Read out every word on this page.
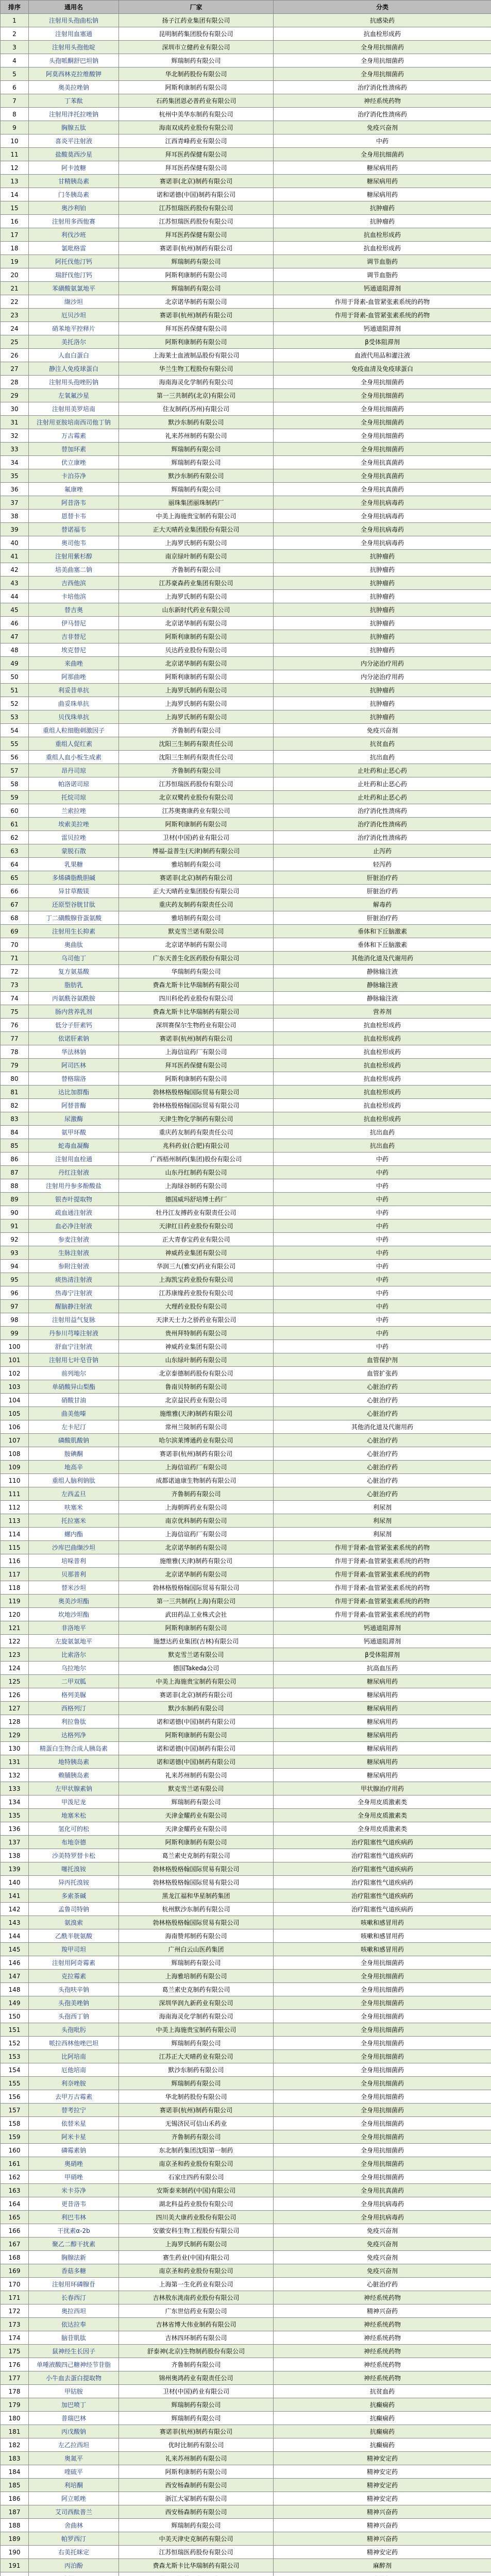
排序	通用名	厂家	分类
1	注射用头孢曲松钠	扬子江药业集团有限公司	抗感染药
2	注射用血塞通	昆明制药集团股份有限公司	抗血栓形成药
3	注射用头孢他啶	深圳市立健药业有限公司	全身用抗细菌药
4	头孢哌酮舒巴坦钠	辉瑞制药有限公司	全身用抗细菌药
5	阿莫西林克拉维酸钾	华北制药股份有限公司	全身用抗细菌药
6	奥美拉唑钠	阿斯利康制药有限公司	治疗消化性溃疡药
7	丁苯酞	石药集团恩必普药业有限公司	神经系统药物
8	注射用泮托拉唑钠	杭州中美华东制药有限公司	治疗消化性溃疡药
9	胸腺五肽	海南双成药业股份有限公司	免疫兴奋剂
10	喜炎平注射液	江西青峰药业有限公司	中药
11	盐酸莫西沙星	拜耳医药保健有限公司	全身用抗细菌药
12	阿卡波糖	拜耳医药保健有限公司	糖尿病用药
13	甘精胰岛素	赛诺菲(北京)制药有限公司	糖尿病用药
14	门冬胰岛素	诺和诺德(中国)制药有限公司	糖尿病用药
15	奥沙利铂	江苏恒瑞医药股份有限公司	抗肿瘤药
16	注射用多西他赛	江苏恒瑞医药股份有限公司	抗肿瘤药
17	利伐沙班	拜耳医药保健有限公司	抗血栓形成药
18	氯吡格雷	赛诺菲(杭州)制药有限公司	抗血栓形成药
19	阿托伐他汀钙	辉瑞制药有限公司	调节血脂药
20	瑞舒伐他汀钙	阿斯利康制药有限公司	调节血脂药
21	苯磺酸氨氯地平	辉瑞制药有限公司	钙通道阻滞剂
22	缬沙坦	北京诺华制药有限公司	作用于肾素-血管紧张素系统的药物
23	厄贝沙坦	赛诺菲(杭州)制药有限公司	作用于肾素-血管紧张素系统的药物
24	硝苯地平控释片	拜耳医药保健有限公司	钙通道阻滞剂
25	美托洛尔	阿斯利康制药有限公司	β受体阻滞剂
26	人血白蛋白	上海莱士血液制品股份有限公司	血液代用品和灌注液
27	静注人免疫球蛋白	华兰生物工程股份有限公司	免疫血清及免疫球蛋白
28	注射用头孢唑肟钠	海南海灵化学制药有限公司	全身用抗细菌药
29	左氧氟沙星	第一三共制药(北京)有限公司	全身用抗细菌药
30	注射用美罗培南	住友制药(苏州)有限公司	全身用抗细菌药
31	注射用亚胺培南西司他丁钠	默沙东制药有限公司	全身用抗细菌药
32	万古霉素	礼来苏州制药有限公司	全身用抗细菌药
33	替加环素	辉瑞制药有限公司	全身用抗细菌药
34	伏立康唑	辉瑞制药有限公司	全身用抗真菌药
35	卡泊芬净	默沙东制药有限公司	全身用抗真菌药
36	氟康唑	辉瑞制药有限公司	全身用抗真菌药
37	阿昔洛韦	丽珠集团丽珠制药厂	全身用抗病毒药
38	恩替卡韦	中美上海施贵宝制药有限公司	全身用抗病毒药
39	替诺福韦	正大天晴药业集团股份有限公司	全身用抗病毒药
40	奥司他韦	上海罗氏制药有限公司	全身用抗病毒药
41	注射用紫杉醇	南京绿叶制药有限公司	抗肿瘤药
42	培美曲塞二钠	齐鲁制药有限公司	抗肿瘤药
43	吉西他滨	江苏豪森药业集团有限公司	抗肿瘤药
44	卡培他滨	上海罗氏制药有限公司	抗肿瘤药
45	替吉奥	山东新时代药业有限公司	抗肿瘤药
46	伊马替尼	北京诺华制药有限公司	抗肿瘤药
47	吉非替尼	阿斯利康制药有限公司	抗肿瘤药
48	埃克替尼	贝达药业股份有限公司	抗肿瘤药
49	来曲唑	北京诺华制药有限公司	内分泌治疗用药
50	阿那曲唑	阿斯利康制药有限公司	内分泌治疗用药
51	利妥昔单抗	上海罗氏制药有限公司	抗肿瘤药
52	曲妥珠单抗	上海罗氏制药有限公司	抗肿瘤药
53	贝伐珠单抗	上海罗氏制药有限公司	抗肿瘤药
54	重组人粒细胞刺激因子	齐鲁制药有限公司	免疫兴奋剂
55	重组人促红素	沈阳三生制药有限责任公司	抗贫血药
56	重组人血小板生成素	沈阳三生制药有限责任公司	抗出血药
57	昂丹司琼	齐鲁制药有限公司	止吐药和止恶心药
58	帕洛诺司琼	江苏恒瑞医药股份有限公司	止吐药和止恶心药
59	托烷司琼	北京双鹭药业股份有限公司	止吐药和止恶心药
60	兰索拉唑	江苏奥赛康药业有限公司	治疗消化性溃疡药
61	埃索美拉唑	阿斯利康制药有限公司	治疗消化性溃疡药
62	雷贝拉唑	卫材(中国)药业有限公司	治疗消化性溃疡药
63	蒙脱石散	博福-益普生(天津)制药有限公司	止泻药
64	乳果糖	雅培制药有限公司	轻泻药
65	多烯磷脂酰胆碱	赛诺菲(北京)制药有限公司	肝脏治疗药
66	异甘草酸镁	正大天晴药业集团股份有限公司	肝脏治疗药
67	还原型谷胱甘肽	重庆药友制药有限责任公司	解毒药
68	丁二磺酸腺苷蛋氨酸	雅培制药有限公司	肝脏治疗药
69	注射用生长抑素	默克雪兰诺有限公司	垂体和下丘脑激素
70	奥曲肽	北京诺华制药有限公司	垂体和下丘脑激素
71	乌司他丁	广东天普生化医药股份有限公司	其他消化道及代谢用药
72	复方氨基酸	华瑞制药有限公司	静脉输注液
73	脂肪乳	费森尤斯卡比华瑞制药有限公司	静脉输注液
74	丙氨酰谷氨酰胺	四川科伦药业股份有限公司	静脉输注液
75	肠内营养乳剂	费森尤斯卡比华瑞制药有限公司	营养剂
76	低分子肝素钙	深圳赛保尔生物药业有限公司	抗血栓形成药
77	依诺肝素钠	赛诺菲(杭州)制药有限公司	抗血栓形成药
78	华法林钠	上海信谊药厂有限公司	抗血栓形成药
79	阿司匹林	拜耳医药保健有限公司	抗血栓形成药
80	替格瑞洛	阿斯利康制药有限公司	抗血栓形成药
81	达比加群酯	勃林格殷格翰国际贸易有限公司	抗血栓形成药
82	阿替普酶	勃林格殷格翰国际贸易有限公司	抗血栓形成药
83	尿激酶	天津生物化学制药有限公司	抗血栓形成药
84	氨甲环酸	重庆药友制药有限责任公司	抗出血药
85	蛇毒血凝酶	兆科药业(合肥)有限公司	抗出血药
86	注射用血栓通	广西梧州制药(集团)股份有限公司	中药
87	丹红注射液	山东丹红制药有限公司	中药
88	注射用丹参多酚酸盐	上海绿谷制药有限公司	中药
89	银杏叶提取物	德国威玛舒培博士药厂	中药
90	疏血通注射液	牡丹江友搏药业有限责任公司	中药
91	血必净注射液	天津红日药业股份有限公司	中药
92	参麦注射液	正大青春宝药业有限公司	中药
93	生脉注射液	神威药业集团有限公司	中药
94	参附注射液	华润三九(雅安)药业有限公司	中药
95	痰热清注射液	上海凯宝药业股份有限公司	中药
96	热毒宁注射液	江苏康缘药业股份有限公司	中药
97	醒脑静注射液	大理药业股份有限公司	中药
98	注射用益气复脉	天津天士力之骄药业有限公司	中药
99	丹参川芎嗪注射液	贵州拜特制药有限公司	中药
100	舒血宁注射液	神威药业集团有限公司	中药
101	注射用七叶皂苷钠	山东绿叶制药有限公司	血管保护剂
102	前列地尔	北京泰德制药股份有限公司	血管扩张药
103	单硝酸异山梨酯	鲁南贝特制药有限公司	心脏治疗药
104	硝酸甘油	北京益民药业有限公司	心脏治疗药
105	曲美他嗪	施维雅(天津)制药有限公司	心脏治疗药
106	左卡尼汀	常州兰陵制药有限公司	其他消化道及代谢用药
107	磷酸肌酸钠	哈尔滨莱博通药业有限公司	心脏治疗药
108	胺碘酮	赛诺菲(杭州)制药有限公司	心脏治疗药
109	地高辛	上海信谊药厂有限公司	心脏治疗药
110	重组人脑利钠肽	成都诺迪康生物制药有限公司	心脏治疗药
111	左西孟旦	齐鲁制药有限公司	心脏治疗药
112	呋塞米	上海朝晖药业有限公司	利尿剂
113	托拉塞米	南京优科制药有限公司	利尿剂
114	螺内酯	上海信谊药厂有限公司	利尿剂
115	沙库巴曲缬沙坦	北京诺华制药有限公司	作用于肾素-血管紧张素系统的药物
116	培哚普利	施维雅(天津)制药有限公司	作用于肾素-血管紧张素系统的药物
117	贝那普利	北京诺华制药有限公司	作用于肾素-血管紧张素系统的药物
118	替米沙坦	勃林格殷格翰国际贸易有限公司	作用于肾素-血管紧张素系统的药物
119	奥美沙坦酯	第一三共制药(上海)有限公司	作用于肾素-血管紧张素系统的药物
120	坎地沙坦酯	武田药品工业株式会社	作用于肾素-血管紧张素系统的药物
121	非洛地平	阿斯利康制药有限公司	钙通道阻滞剂
122	左旋氨氯地平	施慧达药业集团(吉林)有限公司	钙通道阻滞剂
123	比索洛尔	默克雪兰诺有限公司	β受体阻滞剂
124	乌拉地尔	德国Takeda公司	抗高血压药
125	二甲双胍	中美上海施贵宝制药有限公司	糖尿病用药
126	格列美脲	赛诺菲(北京)制药有限公司	糖尿病用药
127	西格列汀	默沙东制药有限公司	糖尿病用药
128	利拉鲁肽	诺和诺德(中国)制药有限公司	糖尿病用药
129	达格列净	阿斯利康制药有限公司	糖尿病用药
130	精蛋白生物合成人胰岛素	诺和诺德(中国)制药有限公司	糖尿病用药
131	地特胰岛素	诺和诺德(中国)制药有限公司	糖尿病用药
132	赖脯胰岛素	礼来苏州制药有限公司	糖尿病用药
133	左甲状腺素钠	默克雪兰诺有限公司	甲状腺治疗用药
134	甲泼尼龙	辉瑞制药有限公司	全身用皮质激素类
135	地塞米松	天津金耀药业有限公司	全身用皮质激素类
136	氢化可的松	天津金耀药业有限公司	全身用皮质激素类
137	布地奈德	阿斯利康制药有限公司	治疗阻塞性气道疾病药
138	沙美特罗替卡松	葛兰素史克制药有限公司	治疗阻塞性气道疾病药
139	噻托溴铵	勃林格殷格翰国际贸易有限公司	治疗阻塞性气道疾病药
140	异丙托溴铵	勃林格殷格翰国际贸易有限公司	治疗阻塞性气道疾病药
141	多索茶碱	黑龙江福和华星制药集团	治疗阻塞性气道疾病药
142	孟鲁司特钠	杭州默沙东制药有限公司	治疗阻塞性气道疾病药
143	氨溴索	勃林格殷格翰国际贸易有限公司	咳嗽和感冒用药
144	乙酰半胱氨酸	海南赞邦制药有限公司	咳嗽和感冒用药
145	羧甲司坦	广州白云山医药集团	咳嗽和感冒用药
146	注射用阿奇霉素	辉瑞制药有限公司	全身用抗细菌药
147	克拉霉素	上海雅培制药有限公司	全身用抗细菌药
148	头孢呋辛钠	葛兰素史克制药有限公司	全身用抗细菌药
149	头孢美唑钠	深圳华润九新药业有限公司	全身用抗细菌药
150	头孢西丁钠	海南海灵化学制药有限公司	全身用抗细菌药
151	头孢吡肟	中美上海施贵宝制药有限公司	全身用抗细菌药
152	哌拉西林他唑巴坦	辉瑞制药有限公司	全身用抗细菌药
153	比阿培南	江苏正大天晴药业有限公司	全身用抗细菌药
154	厄他培南	默沙东制药有限公司	全身用抗细菌药
155	利奈唑胺	辉瑞制药有限公司	全身用抗细菌药
156	去甲万古霉素	华北制药股份有限公司	全身用抗细菌药
157	替考拉宁	赛诺菲(杭州)制药有限公司	全身用抗细菌药
158	依替米星	无锡济民可信山禾药业	全身用抗细菌药
159	阿米卡星	齐鲁制药有限公司	全身用抗细菌药
160	磷霉素钠	东北制药集团沈阳第一制药	全身用抗细菌药
161	奥硝唑	南京圣和药业股份有限公司	全身用抗细菌药
162	甲硝唑	石家庄四药有限公司	全身用抗细菌药
163	米卡芬净	安斯泰来制药(中国)有限公司	全身用抗真菌药
164	更昔洛韦	湖北科益药业股份有限公司	全身用抗病毒药
165	利巴韦林	四川美大康药业股份有限公司	全身用抗病毒药
166	干扰素α-2b	安徽安科生物工程股份有限公司	免疫兴奋剂
167	聚乙二醇干扰素	上海罗氏制药有限公司	免疫兴奋剂
168	胸腺法新	赛生药业(中国)有限公司	免疫兴奋剂
169	香菇多糖	南京圣和药业股份有限公司	免疫兴奋剂
170	注射用环磷腺苷	上海第一生化药业有限公司	心脏治疗药
171	长春西汀	吉林敖东洮南药业股份有限公司	神经系统药物
172	奥拉西坦	广东世信药业有限公司	精神兴奋药
173	依达拉奉	吉林省博大伟业制药有限公司	神经系统药物
174	脑苷肌肽	吉林四环制药有限公司	神经系统药物
175	鼠神经生长因子	舒泰神(北京)生物制药股份有限公司	神经系统药物
176	单唾液酸四己糖神经节苷脂	齐鲁制药有限公司	神经系统药物
177	小牛血去蛋白提取物	锦州奥鸿药业有限责任公司	神经系统药物
178	甲钴胺	卫材(中国)药业有限公司	抗贫血药
179	加巴喷丁	辉瑞制药有限公司	抗癫痫药
180	普瑞巴林	辉瑞制药有限公司	抗癫痫药
181	丙戊酸钠	赛诺菲(杭州)制药有限公司	抗癫痫药
182	左乙拉西坦	优时比制药有限公司	抗癫痫药
183	奥氮平	礼来苏州制药有限公司	精神安定药
184	喹硫平	阿斯利康制药有限公司	精神安定药
185	利培酮	西安杨森制药有限公司	精神安定药
186	阿立哌唑	浙江大冢制药有限公司	精神安定药
187	艾司西酞普兰	西安杨森制药有限公司	精神兴奋药
188	舍曲林	辉瑞制药有限公司	精神兴奋药
189	帕罗西汀	中美天津史克制药有限公司	精神兴奋药
190	右美托咪定	江苏恒瑞医药股份有限公司	精神安定药
191	丙泊酚	费森尤斯卡比华瑞制药有限公司	麻醉剂
